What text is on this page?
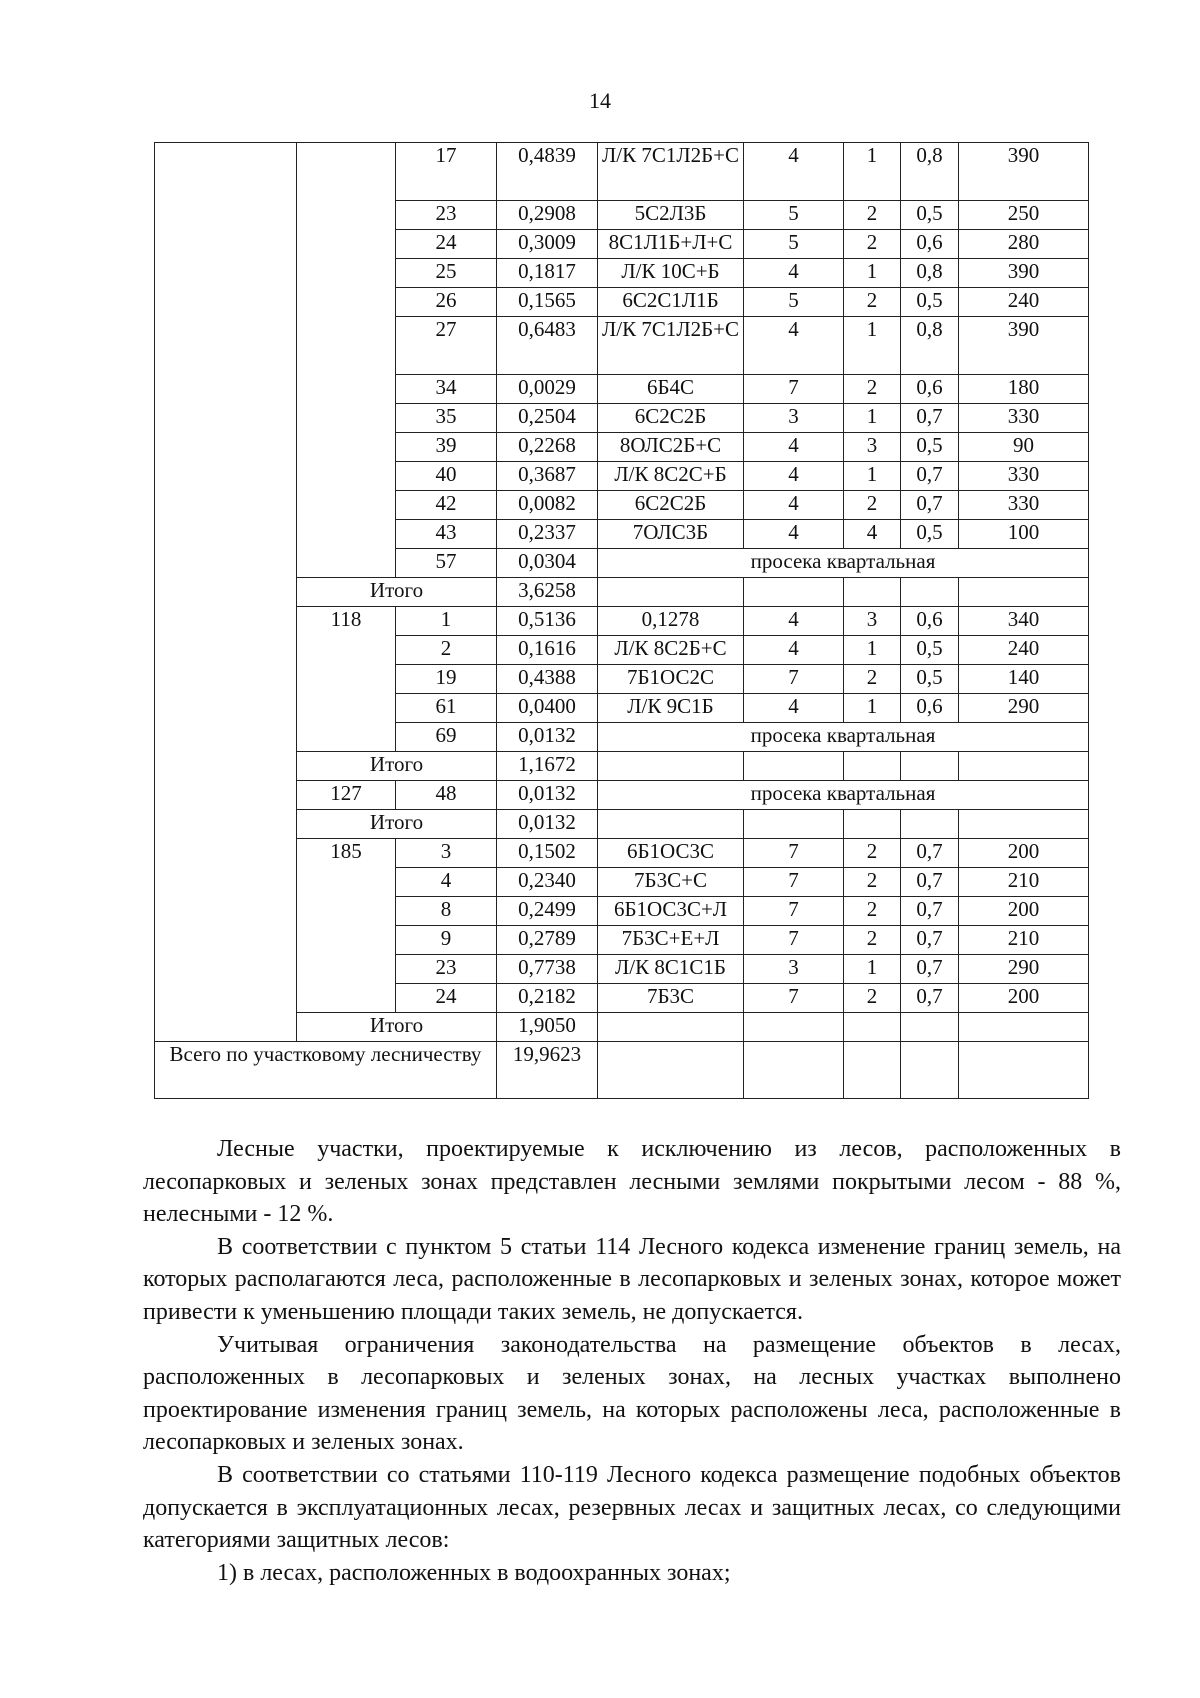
14
		17	0,4839	Л/К 7С1Л2Б+С	4	1	0,8	390
		23	0,2908	5С2Л3Б	5	2	0,5	250
		24	0,3009	8С1Л1Б+Л+С	5	2	0,6	280
		25	0,1817	Л/К 10С+Б	4	1	0,8	390
		26	0,1565	6С2С1Л1Б	5	2	0,5	240
		27	0,6483	Л/К 7С1Л2Б+С	4	1	0,8	390
		34	0,0029	6Б4С	7	2	0,6	180
		35	0,2504	6С2С2Б	3	1	0,7	330
		39	0,2268	8ОЛС2Б+С	4	3	0,5	90
		40	0,3687	Л/К 8С2С+Б	4	1	0,7	330
		42	0,0082	6С2С2Б	4	2	0,7	330
		43	0,2337	7ОЛС3Б	4	4	0,5	100
		57	0,0304	просека квартальная				
	Итого		3,6258					
	118	1	0,5136	0,1278	4	3	0,6	340
		2	0,1616	Л/К 8С2Б+С	4	1	0,5	240
		19	0,4388	7Б1ОС2С	7	2	0,5	140
		61	0,0400	Л/К 9С1Б	4	1	0,6	290
		69	0,0132	просека квартальная				
	Итого		1,1672					
	127	48	0,0132	просека квартальная				
	Итого		0,0132					
	185	3	0,1502	6Б1ОС3С	7	2	0,7	200
		4	0,2340	7Б3С+С	7	2	0,7	210
		8	0,2499	6Б1ОС3С+Л	7	2	0,7	200
		9	0,2789	7Б3С+Е+Л	7	2	0,7	210
		23	0,7738	Л/К 8С1С1Б	3	1	0,7	290
		24	0,2182	7Б3С	7	2	0,7	200
	Итого		1,9050					
Всего по участковому лесничеству			19,9623					

Лесные участки, проектируемые к исключению из лесов, расположенных в лесопарковых и зеленых зонах представлен лесными землями покрытыми лесом - 88 %, нелесными - 12 %.

В соответствии с пунктом 5 статьи 114 Лесного кодекса изменение границ земель, на которых располагаются леса, расположенные в лесопарковых и зеленых зонах, которое может привести к уменьшению площади таких земель, не допускается.

Учитывая ограничения законодательства на размещение объектов в лесах, расположенных в лесопарковых и зеленых зонах, на лесных участках выполнено проектирование изменения границ земель, на которых расположены леса, расположенные в лесопарковых и зеленых зонах.

В соответствии со статьями 110-119 Лесного кодекса размещение подобных объектов допускается в эксплуатационных лесах, резервных лесах и защитных лесах, со следующими категориями защитных лесов:

1) в лесах, расположенных в водоохранных зонах;
